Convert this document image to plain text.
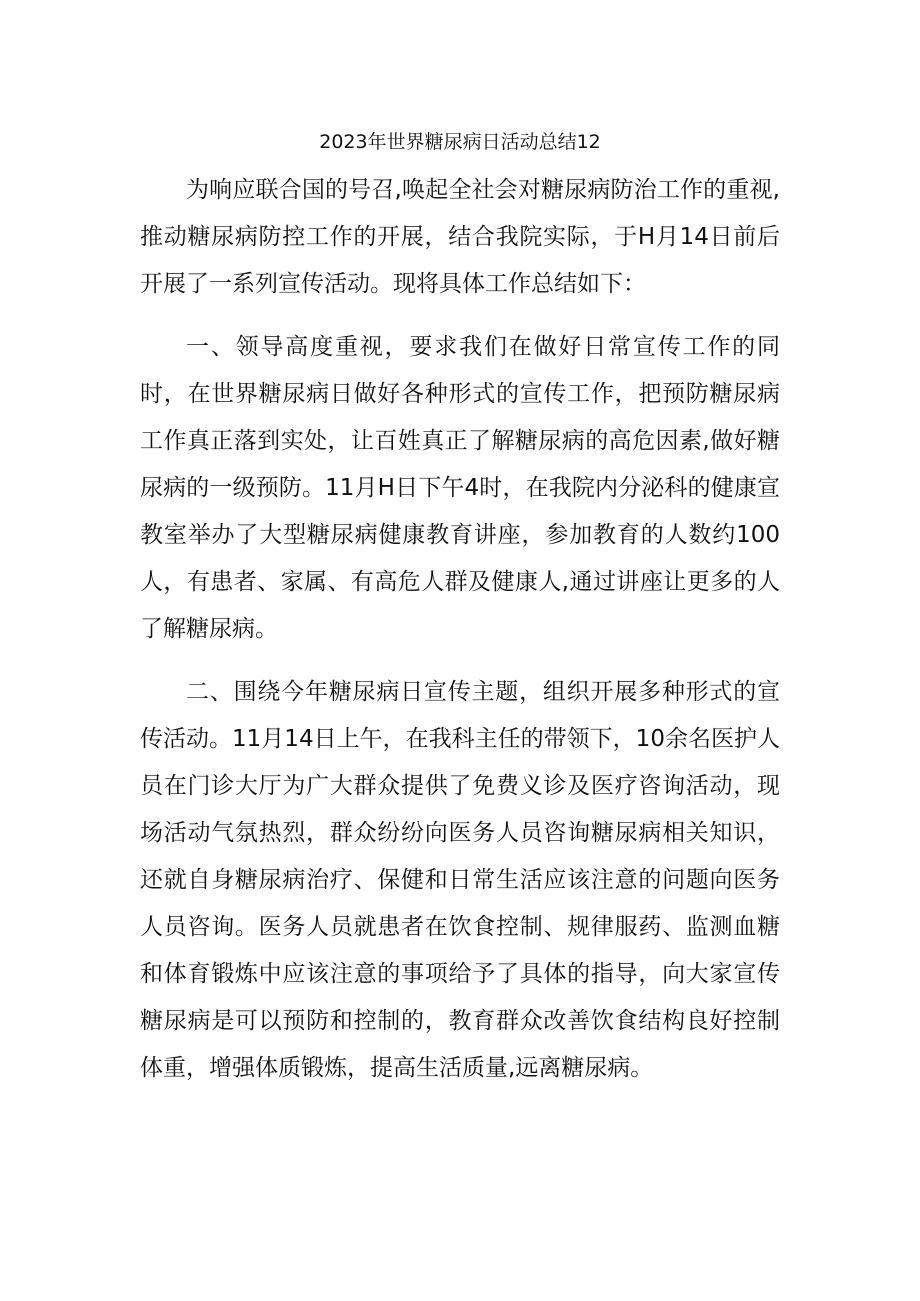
2023年世界糖尿病日活动总结12

为响应联合国的号召,唤起全社会对糖尿病防治工作的重视,推动糖尿病防控工作的开展，结合我院实际，于H月14日前后开展了一系列宣传活动。现将具体工作总结如下：

一、领导高度重视，要求我们在做好日常宣传工作的同时，在世界糖尿病日做好各种形式的宣传工作，把预防糖尿病工作真正落到实处，让百姓真正了解糖尿病的高危因素,做好糖尿病的一级预防。11月H日下午4时，在我院内分泌科的健康宣教室举办了大型糖尿病健康教育讲座，参加教育的人数约100人，有患者、家属、有高危人群及健康人,通过讲座让更多的人了解糖尿病。

二、围绕今年糖尿病日宣传主题，组织开展多种形式的宣传活动。11月14日上午，在我科主任的带领下，10余名医护人员在门诊大厅为广大群众提供了免费义诊及医疗咨询活动，现场活动气氛热烈，群众纷纷向医务人员咨询糖尿病相关知识，还就自身糖尿病治疗、保健和日常生活应该注意的问题向医务人员咨询。医务人员就患者在饮食控制、规律服药、监测血糖和体育锻炼中应该注意的事项给予了具体的指导，向大家宣传糖尿病是可以预防和控制的，教育群众改善饮食结构良好控制体重，增强体质锻炼，提高生活质量,远离糖尿病。
